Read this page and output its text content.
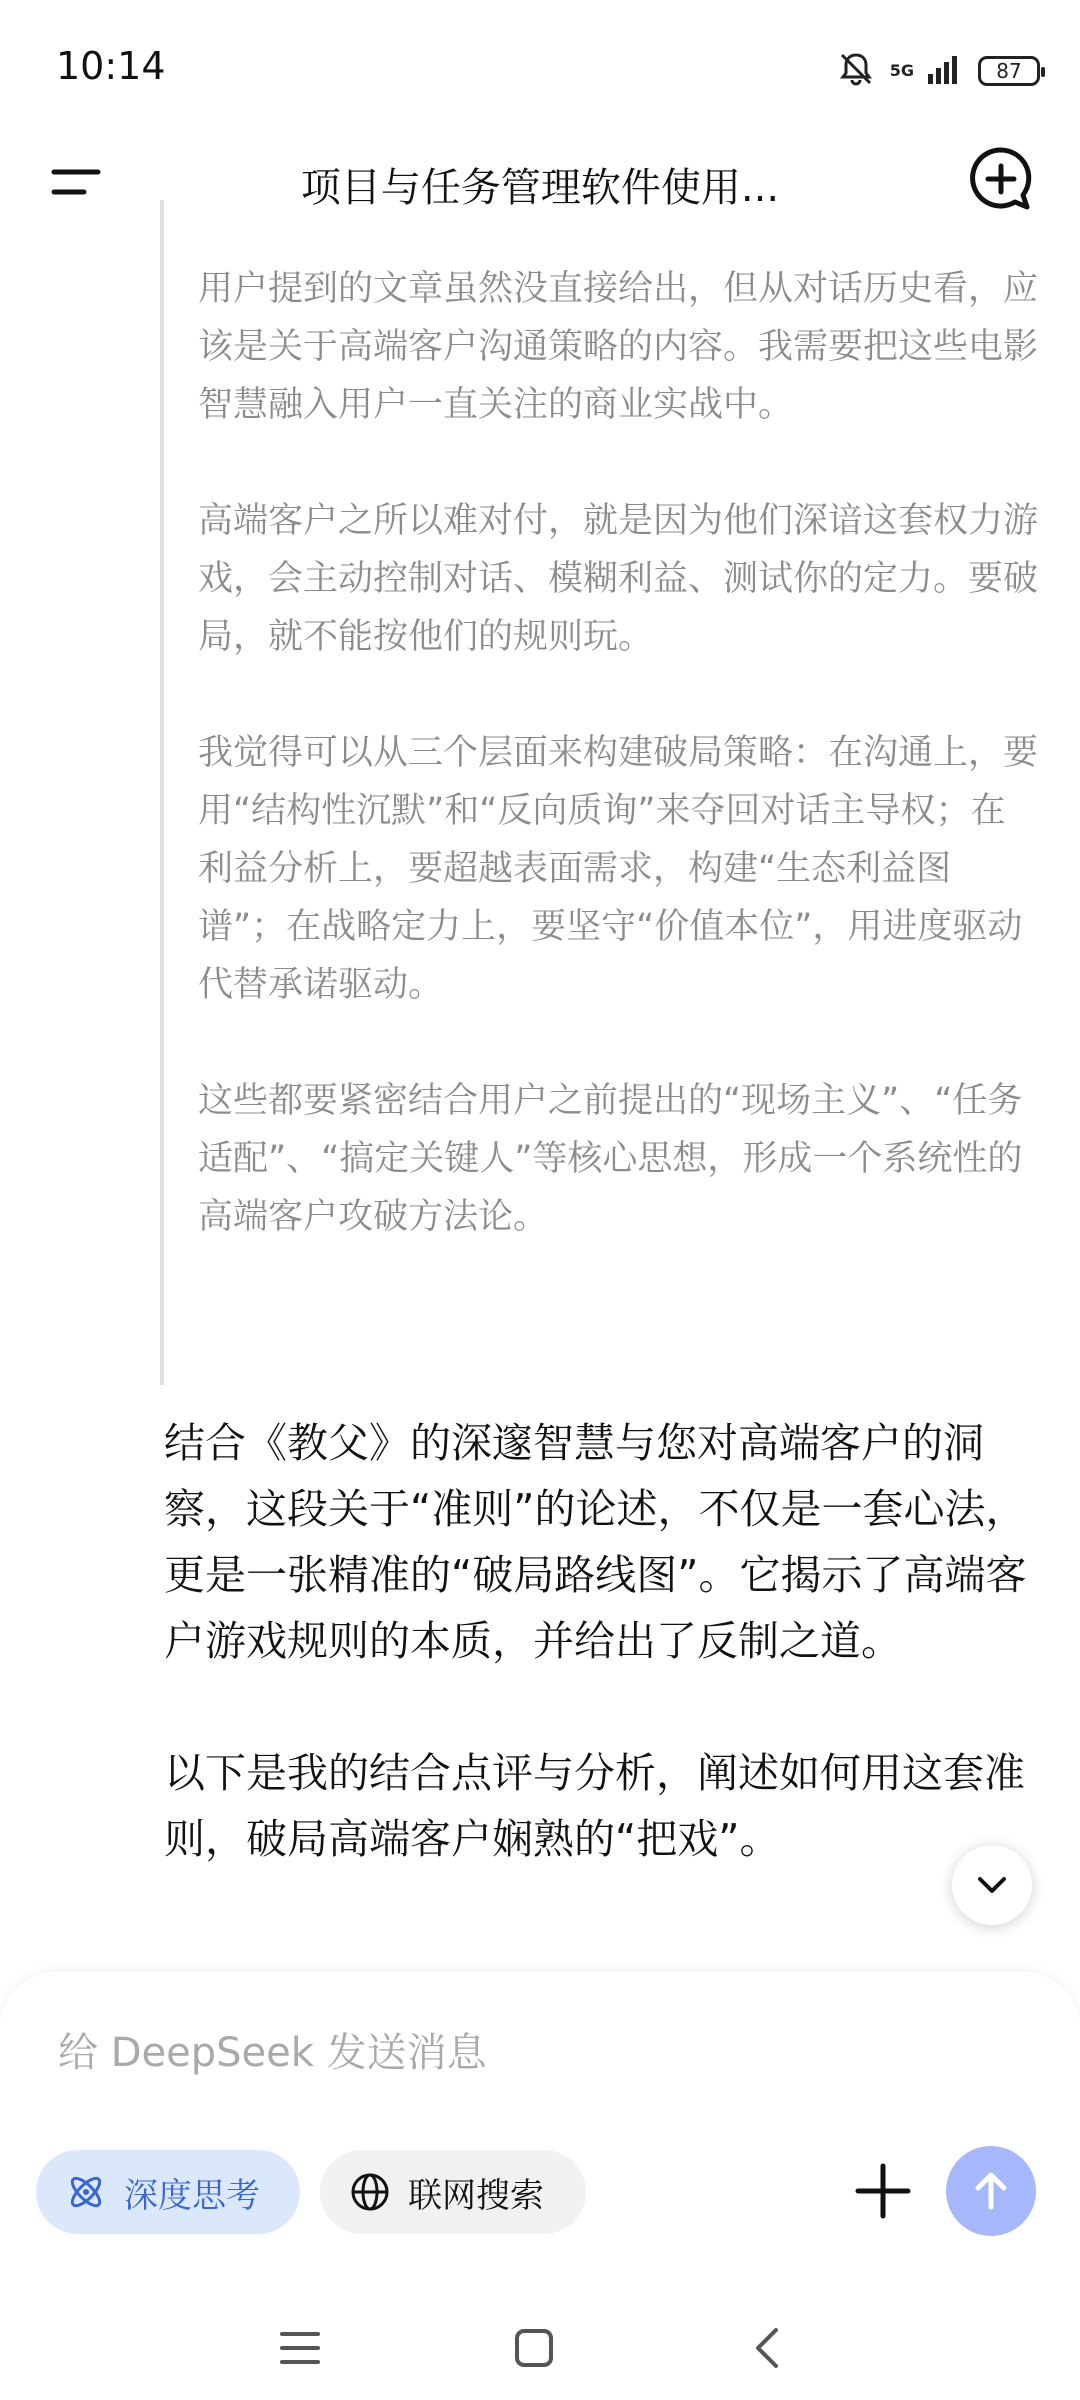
10:14	5G	87
项目与任务管理软件使用...

用户提到的文章虽然没直接给出，但从对话历史看，应该是关于高端客户沟通策略的内容。我需要把这些电影智慧融入用户一直关注的商业实战中。

高端客户之所以难对付，就是因为他们深谙这套权力游戏，会主动控制对话、模糊利益、测试你的定力。要破局，就不能按他们的规则玩。

我觉得可以从三个层面来构建破局策略：在沟通上，要用“结构性沉默”和“反向质询”来夺回对话主导权；在利益分析上，要超越表面需求，构建“生态利益图谱”；在战略定力上，要坚守“价值本位”，用进度驱动代替承诺驱动。

这些都要紧密结合用户之前提出的“现场主义”、“任务适配”、“搞定关键人”等核心思想，形成一个系统性的高端客户攻破方法论。

结合《教父》的深邃智慧与您对高端客户的洞察，这段关于“准则”的论述，不仅是一套心法，更是一张精准的“破局路线图”。它揭示了高端客户游戏规则的本质，并给出了反制之道。

以下是我的结合点评与分析，阐述如何用这套准则，破局高端客户娴熟的“把戏”。

给 DeepSeek 发送消息
深度思考	联网搜索
